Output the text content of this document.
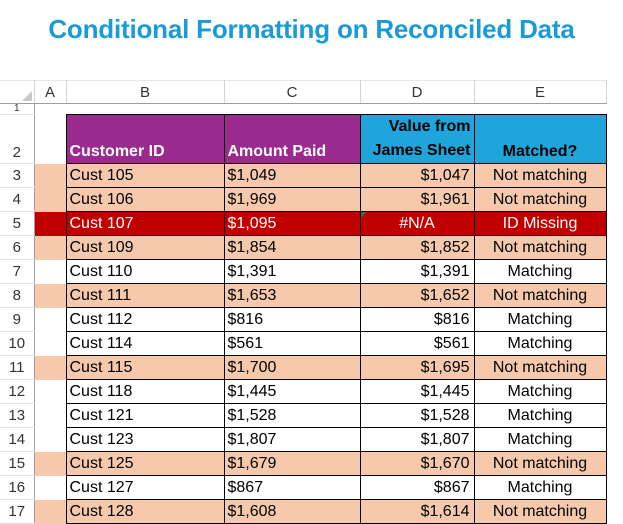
Conditional Formatting on Reconciled Data
	A	B	C	D	E
1					
2		Customer ID	Amount Paid	Value from James Sheet	Matched?
3		Cust 105	$1,049	$1,047	Not matching
4		Cust 106	$1,969	$1,961	Not matching
5		Cust 107	$1,095	#N/A	ID Missing
6		Cust 109	$1,854	$1,852	Not matching
7		Cust 110	$1,391	$1,391	Matching
8		Cust 111	$1,653	$1,652	Not matching
9		Cust 112	$816	$816	Matching
10		Cust 114	$561	$561	Matching
11		Cust 115	$1,700	$1,695	Not matching
12		Cust 118	$1,445	$1,445	Matching
13		Cust 121	$1,528	$1,528	Matching
14		Cust 123	$1,807	$1,807	Matching
15		Cust 125	$1,679	$1,670	Not matching
16		Cust 127	$867	$867	Matching
17		Cust 128	$1,608	$1,614	Not matching
